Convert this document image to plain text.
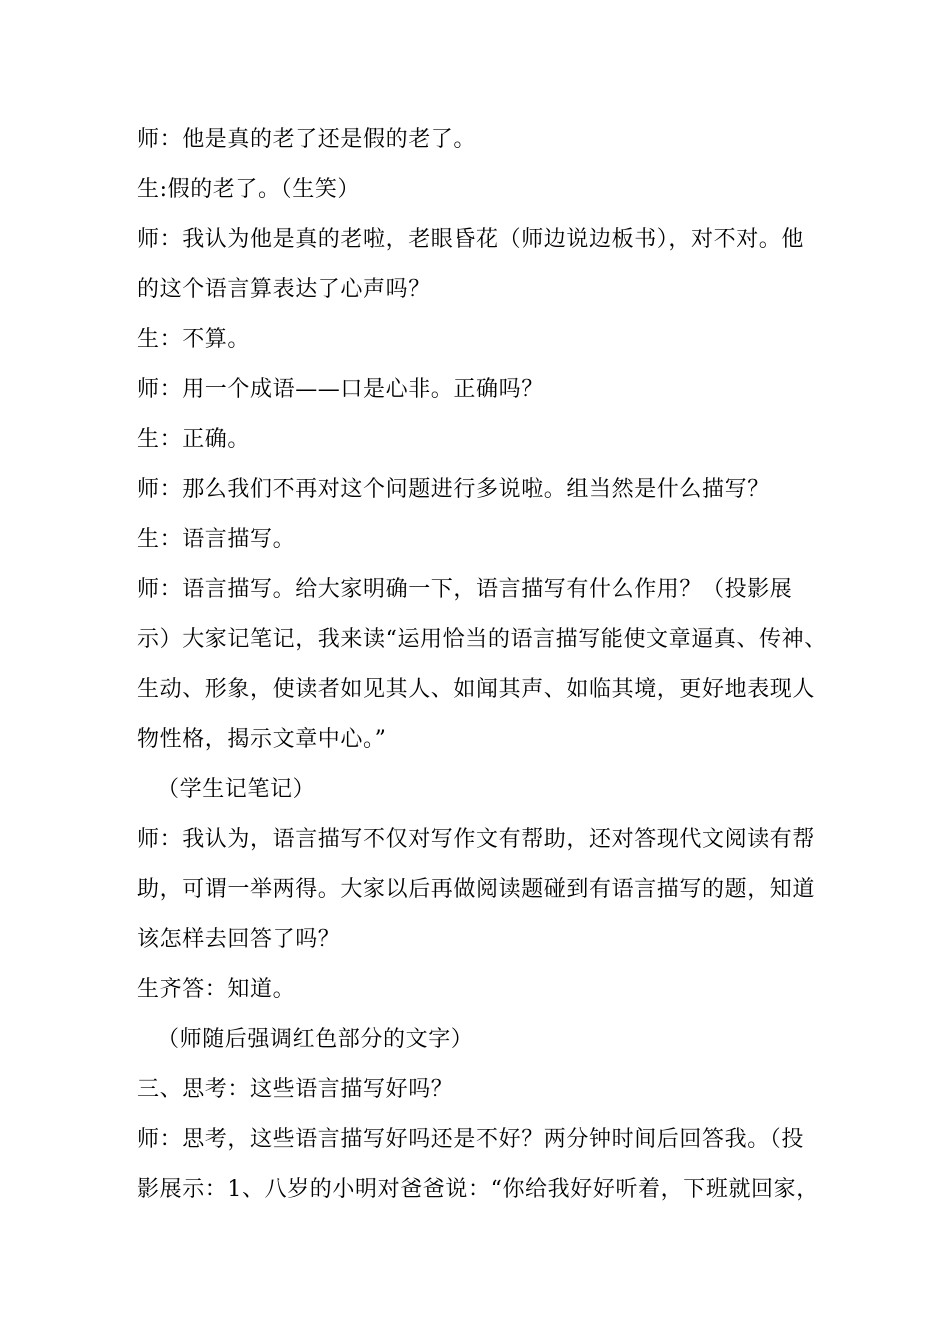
师：他是真的老了还是假的老了。
生:假的老了。（生笑）
师：我认为他是真的老啦，老眼昏花（师边说边板书），对不对。他
的这个语言算表达了心声吗？
生：不算。
师：用一个成语——口是心非。正确吗？
生：正确。
师：那么我们不再对这个问题进行多说啦。组当然是什么描写？
生：语言描写。
师：语言描写。给大家明确一下，语言描写有什么作用？（投影展
示）大家记笔记，我来读“运用恰当的语言描写能使文章逼真、传神、
生动、形象，使读者如见其人、如闻其声、如临其境，更好地表现人
物性格，揭示文章中心。”
（学生记笔记）
师：我认为，语言描写不仅对写作文有帮助，还对答现代文阅读有帮
助，可谓一举两得。大家以后再做阅读题碰到有语言描写的题，知道
该怎样去回答了吗？
生齐答：知道。
（师随后强调红色部分的文字）
三、思考：这些语言描写好吗？
师：思考，这些语言描写好吗还是不好？两分钟时间后回答我。（投
影展示：1、八岁的小明对爸爸说：“你给我好好听着，下班就回家，
